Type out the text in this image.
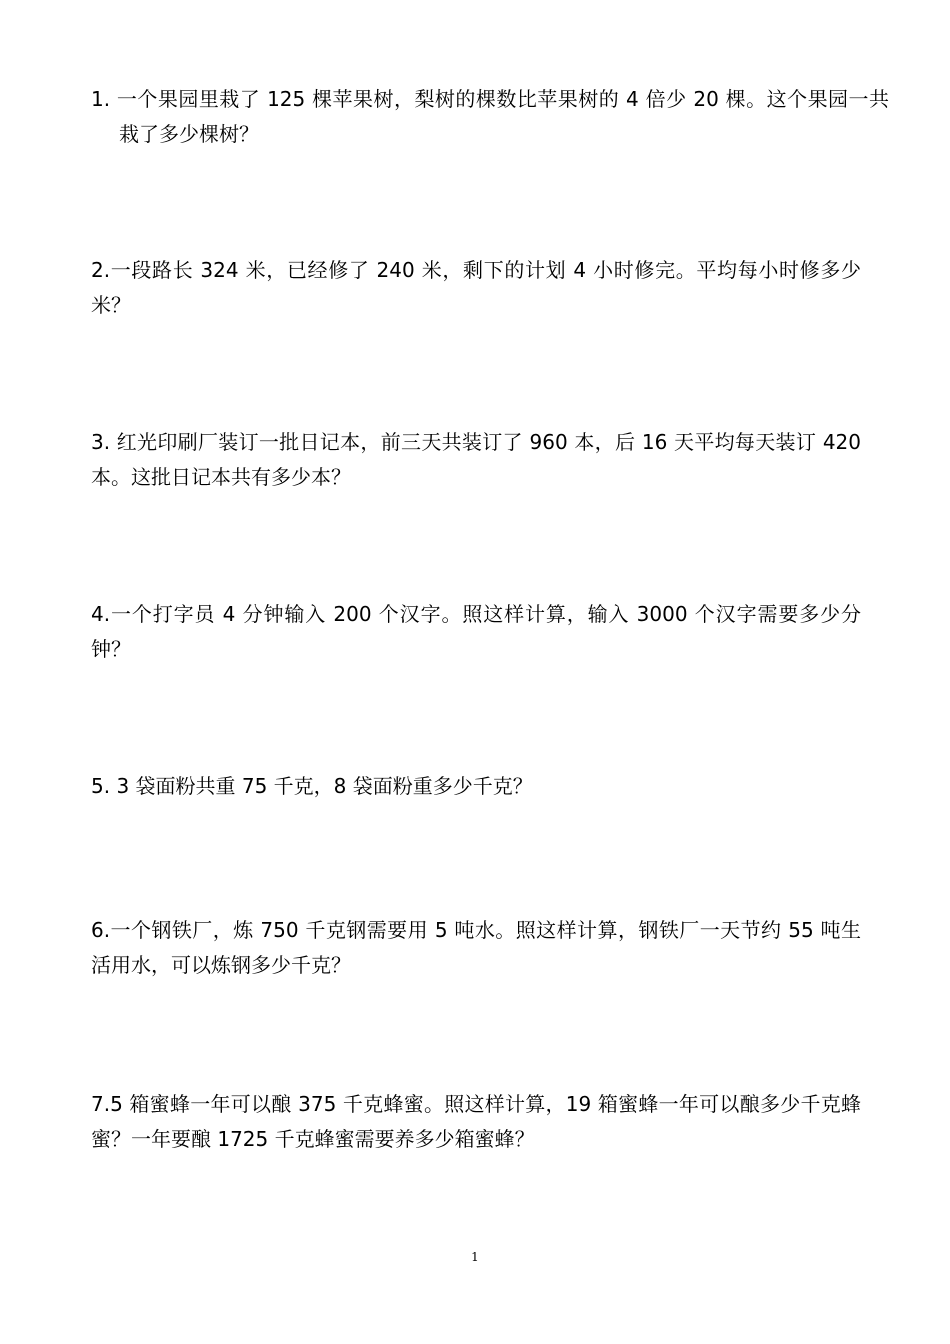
1. 一个果园里栽了 125 棵苹果树，梨树的棵数比苹果树的 4 倍少 20 棵。这个果园一共栽了多少棵树？
2.一段路长 324 米，已经修了 240 米，剩下的计划 4 小时修完。平均每小时修多少米？
3. 红光印刷厂装订一批日记本，前三天共装订了 960 本，后 16 天平均每天装订 420 本。这批日记本共有多少本？
4.一个打字员 4 分钟输入 200 个汉字。照这样计算，输入 3000 个汉字需要多少分钟？
5. 3 袋面粉共重 75 千克，8 袋面粉重多少千克？
6.一个钢铁厂，炼 750 千克钢需要用 5 吨水。照这样计算，钢铁厂一天节约 55 吨生活用水，可以炼钢多少千克？
7.5 箱蜜蜂一年可以酿 375 千克蜂蜜。照这样计算，19 箱蜜蜂一年可以酿多少千克蜂蜜？一年要酿 1725 千克蜂蜜需要养多少箱蜜蜂？
1
